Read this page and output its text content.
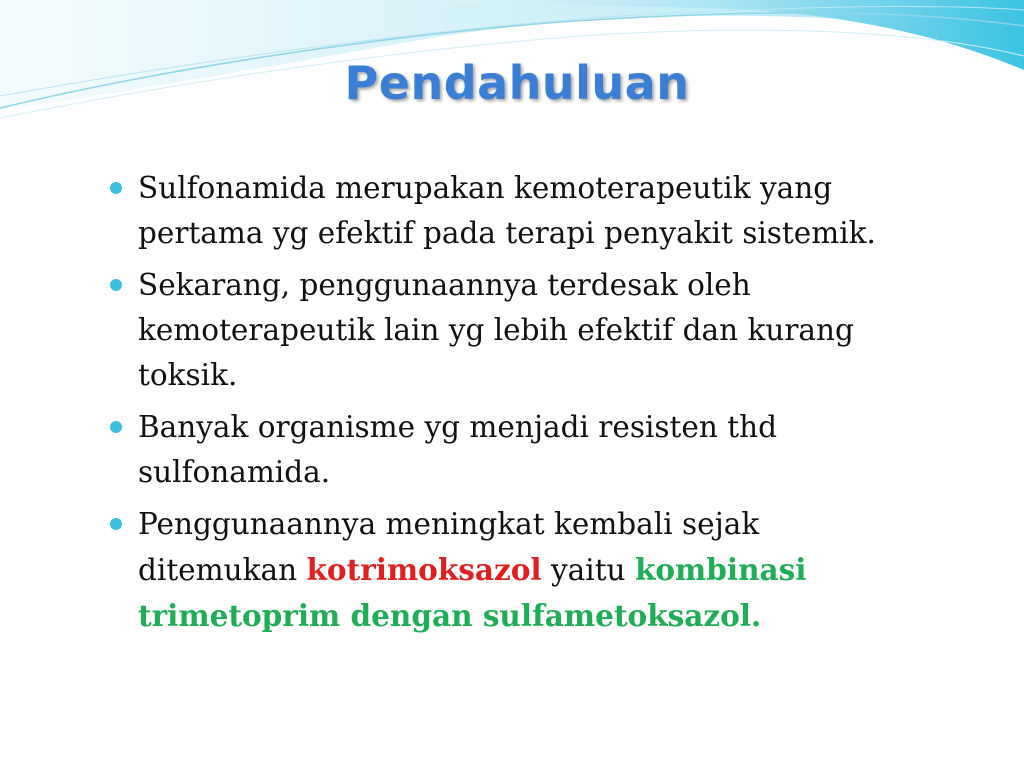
Pendahuluan
Sulfonamida merupakan kemoterapeutik yang pertama yg efektif pada terapi penyakit sistemik.
Sekarang, penggunaannya terdesak oleh kemoterapeutik lain yg lebih efektif dan kurang toksik.
Banyak organisme yg menjadi resisten thd sulfonamida.
Penggunaannya meningkat kembali sejak ditemukan kotrimoksazol yaitu kombinasi trimetoprim dengan sulfametoksazol.
